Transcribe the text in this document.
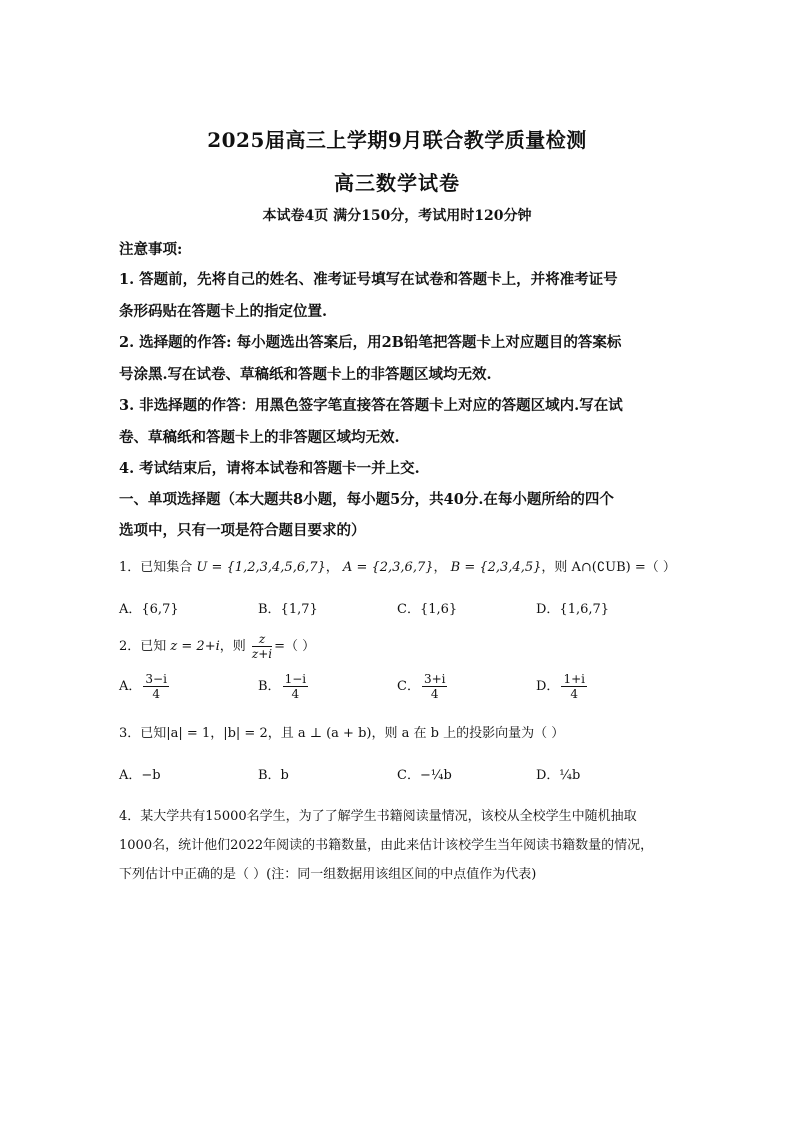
2025届高三上学期9月联合教学质量检测
高三数学试卷
本试卷4页 满分150分，考试用时120分钟
注意事项:
1. 答题前，先将自己的姓名、准考证号填写在试卷和答题卡上，并将准考证号
条形码贴在答题卡上的指定位置.
2. 选择题的作答: 每小题选出答案后，用2B铅笔把答题卡上对应题目的答案标
号涂黑.写在试卷、草稿纸和答题卡上的非答题区域均无效.
3. 非选择题的作答：用黑色签字笔直接答在答题卡上对应的答题区域内.写在试
卷、草稿纸和答题卡上的非答题区域均无效.
4. 考试结束后，请将本试卷和答题卡一并上交.
一、单项选择题（本大题共8小题，每小题5分，共40分.在每小题所给的四个
选项中，只有一项是符合题目要求的）
1．已知集合 U = {1,2,3,4,5,6,7}， A = {2,3,6,7}， B = {2,3,4,5}，则 A∩(∁UB) =（ ）
A．{6,7}	B．{1,7}	C．{1,6}	D．{1,6,7}
2．已知 z = 2+i，则 $\frac{z}{z+i}$ =（ ）
A． $\frac{3-i}{4}$	B． $\frac{1-i}{4}$	C． $\frac{3+i}{4}$	D． $\frac{1+i}{4}$
3．已知|a| = 1，|b| = 2，且 a ⊥ (a + b)，则 a 在 b 上的投影向量为（ ）
A．−b	B．b	C．−¼b	D．¼b
4．某大学共有15000名学生，为了了解学生书籍阅读量情况，该校从全校学生中随机抽取
1000名，统计他们2022年阅读的书籍数量，由此来估计该校学生当年阅读书籍数量的情况，
下列估计中正确的是（ ）(注：同一组数据用该组区间的中点值作为代表)
